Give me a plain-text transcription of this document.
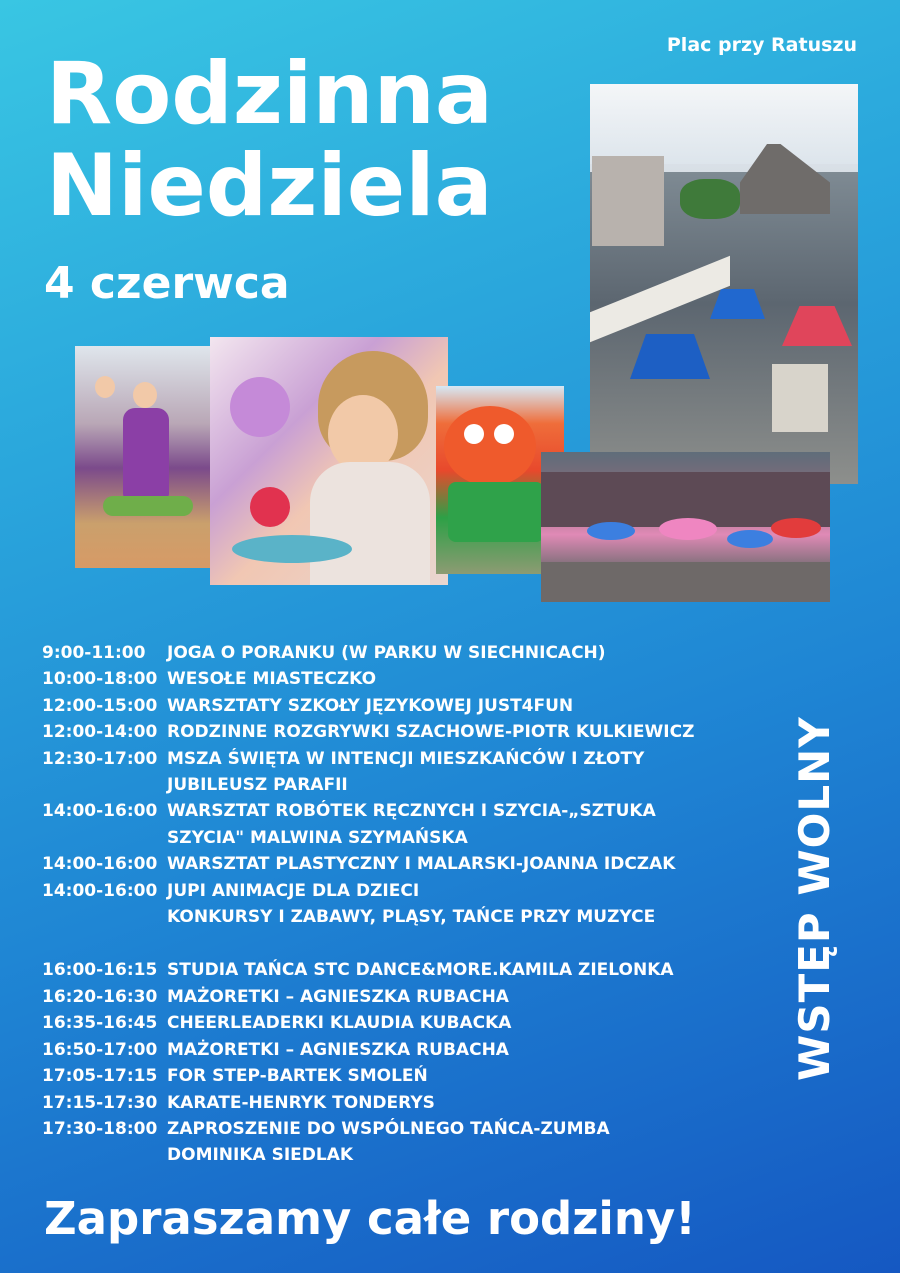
Plac przy Ratuszu
Rodzinna
Niedziela
4 czerwca
9:00-11:00	JOGA O PORANKU (W PARKU W SIECHNICACH)
10:00-18:00 WESOŁE MIASTECZKO
12:00-15:00 WARSZTATY SZKOŁY JĘZYKOWEJ JUST4FUN
12:00-14:00 RODZINNE ROZGRYWKI SZACHOWE-PIOTR KULKIEWICZ
12:30-17:00 MSZA ŚWIĘTA W INTENCJI MIESZKAŃCÓW I ZŁOTY
JUBILEUSZ PARAFII
14:00-16:00 WARSZTAT ROBÓTEK RĘCZNYCH I SZYCIA-„SZTUKA
SZYCIA" MALWINA SZYMAŃSKA
14:00-16:00 WARSZTAT PLASTYCZNY I MALARSKI-JOANNA IDCZAK
14:00-16:00 JUPI ANIMACJE DLA DZIECI
KONKURSY I ZABAWY, PLĄSY, TAŃCE PRZY MUZYCE
16:00-16:15 STUDIA TAŃCA STC DANCE&MORE.KAMILA ZIELONKA
16:20-16:30 MAŻORETKI – AGNIESZKA RUBACHA
16:35-16:45 CHEERLEADERKI KLAUDIA KUBACKA
16:50-17:00 MAŻORETKI – AGNIESZKA RUBACHA
17:05-17:15 FOR STEP-BARTEK SMOLEŃ
17:15-17:30 KARATE-HENRYK TONDERYS
17:30-18:00 ZAPROSZENIE DO WSPÓLNEGO TAŃCA-ZUMBA
DOMINIKA SIEDLAK
WSTĘP WOLNY
Zapraszamy całe rodziny!
